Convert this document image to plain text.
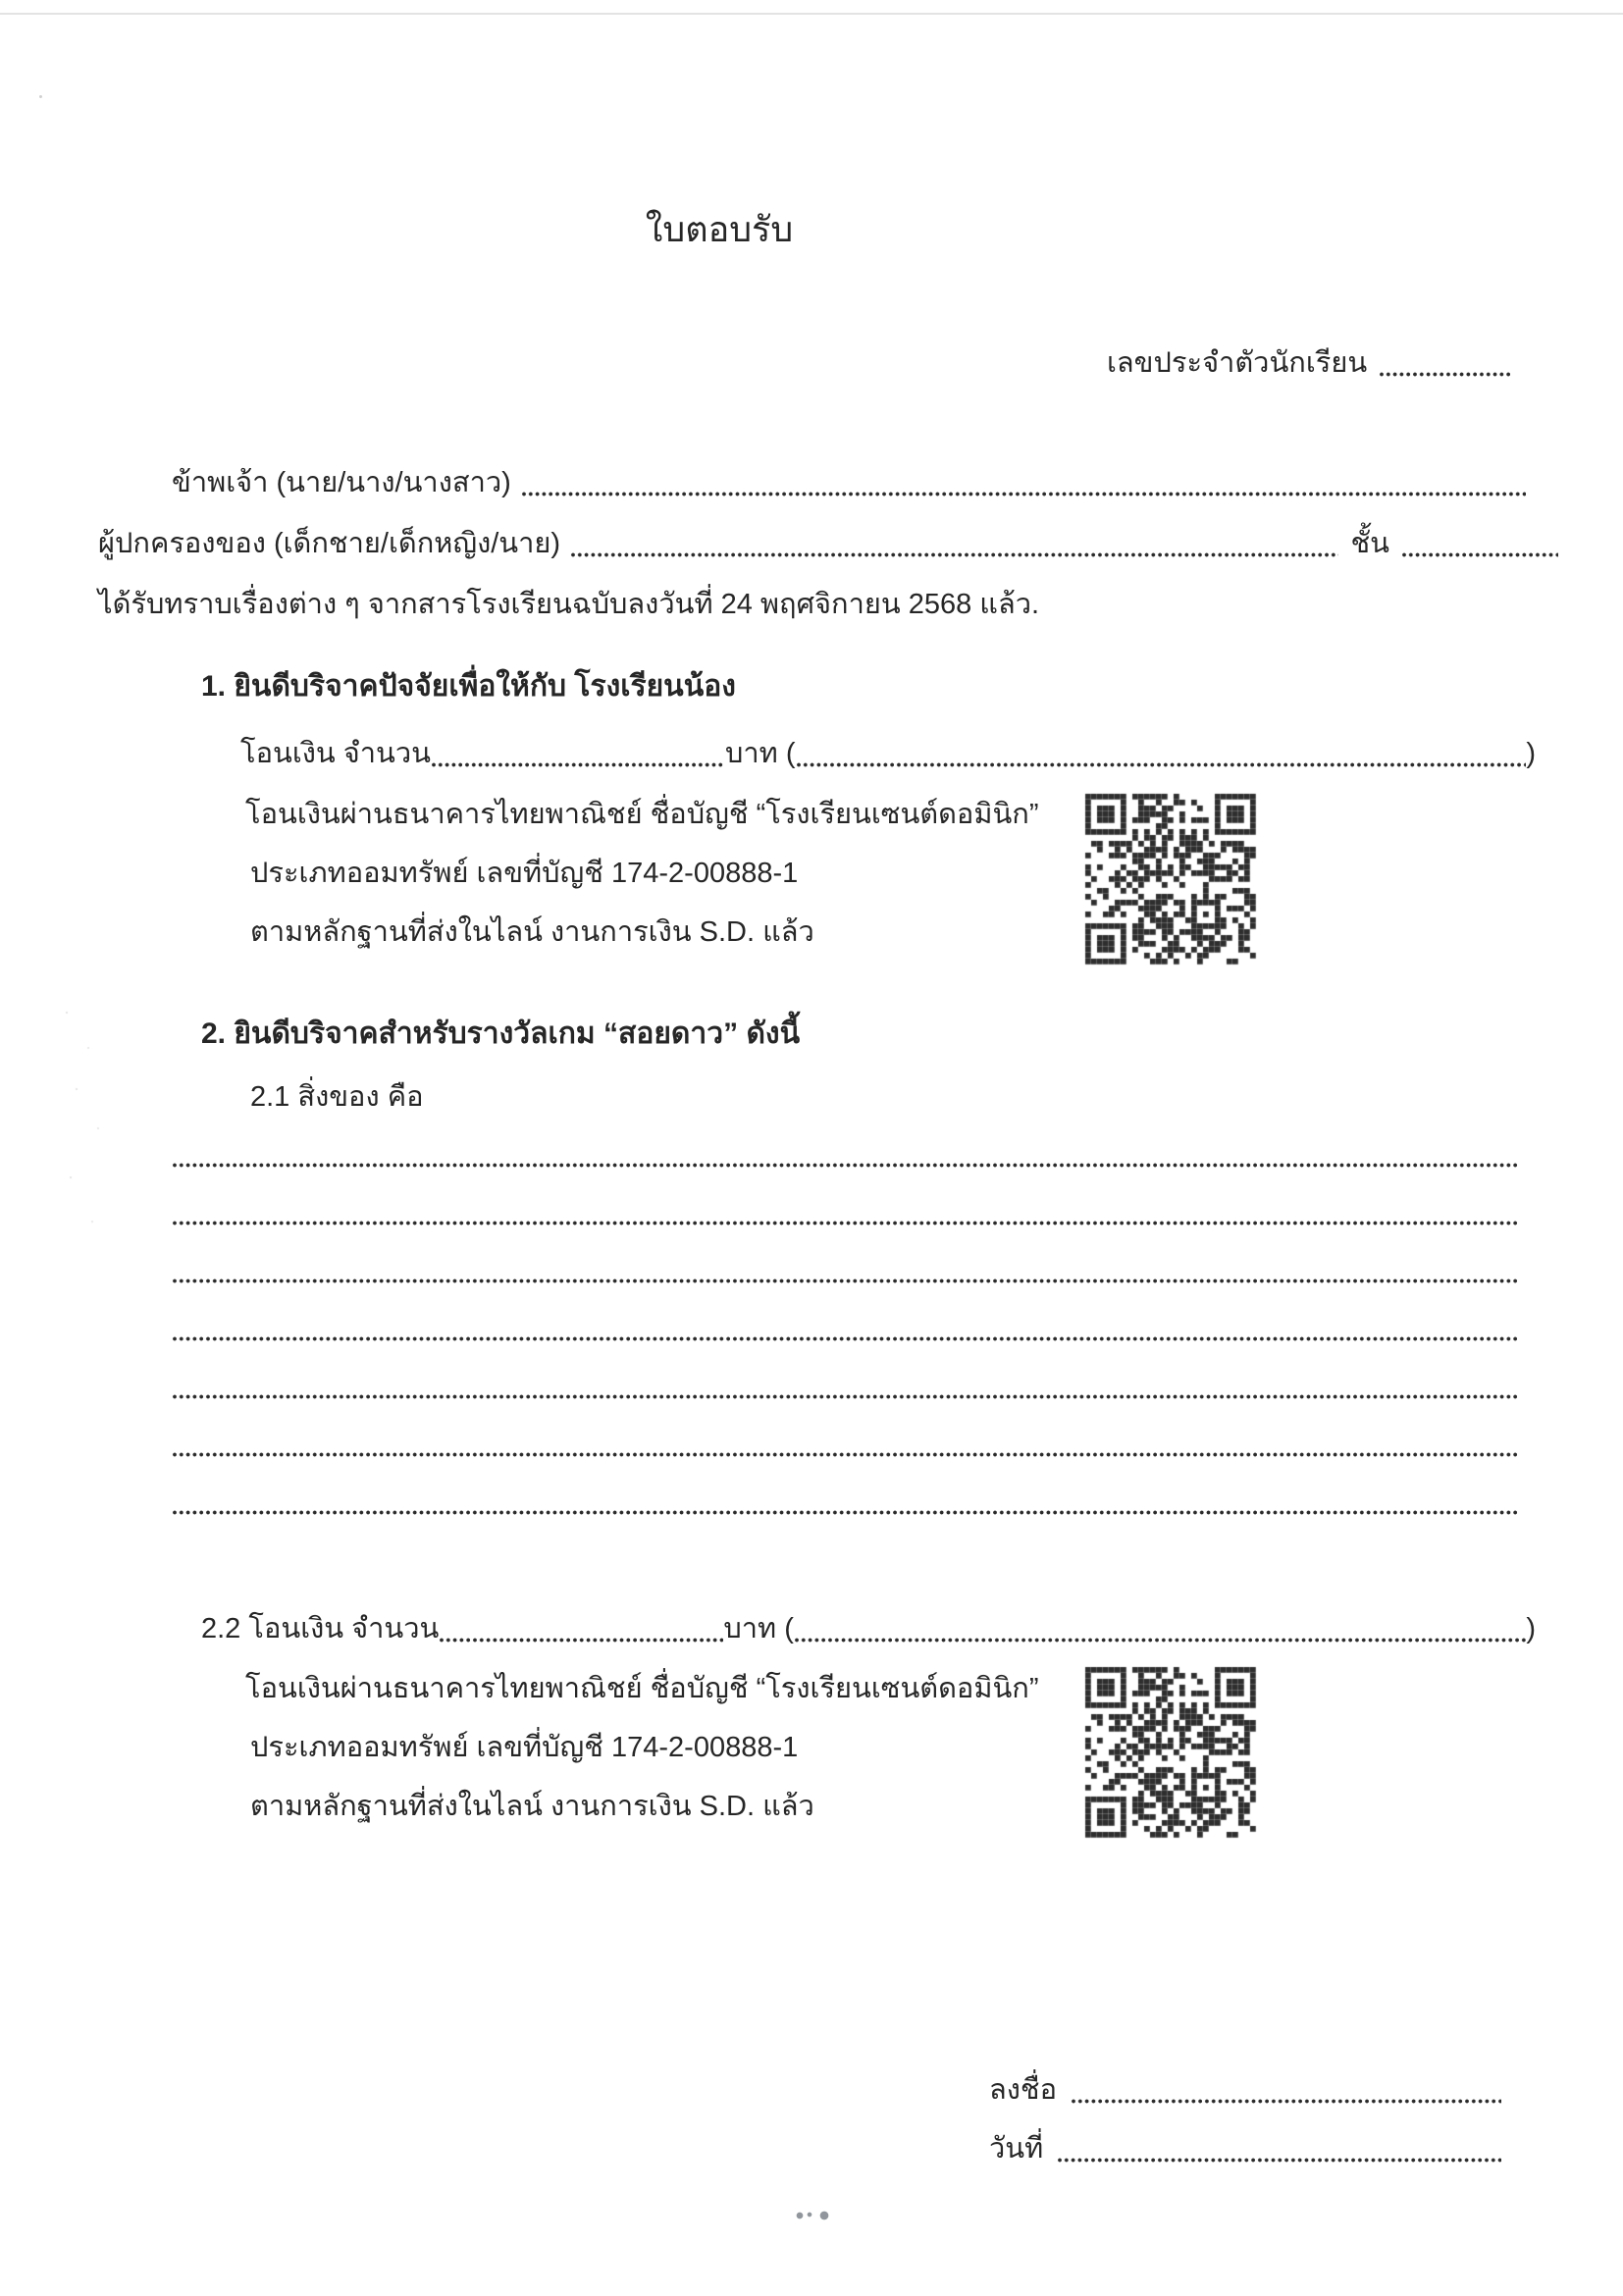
ใบตอบรับ
เลขประจำตัวนักเรียน
ข้าพเจ้า (นาย/นาง/นางสาว)
ผู้ปกครองของ (เด็กชาย/เด็กหญิง/นาย)	ชั้น
ได้รับทราบเรื่องต่าง ๆ จากสารโรงเรียนฉบับลงวันที่ 24 พฤศจิกายน 2568 แล้ว.
1. ยินดีบริจาคปัจจัยเพื่อให้กับ โรงเรียนน้อง
โอนเงิน จำนวน	บาท (	)
โอนเงินผ่านธนาคารไทยพาณิชย์ ชื่อบัญชี “โรงเรียนเซนต์ดอมินิก”
ประเภทออมทรัพย์ เลขที่บัญชี 174-2-00888-1
ตามหลักฐานที่ส่งในไลน์ งานการเงิน S.D. แล้ว
2. ยินดีบริจาคสำหรับรางวัลเกม “สอยดาว” ดังนี้
2.1 สิ่งของ คือ
2.2 โอนเงิน จำนวน	บาท (	)
โอนเงินผ่านธนาคารไทยพาณิชย์ ชื่อบัญชี “โรงเรียนเซนต์ดอมินิก”
ประเภทออมทรัพย์ เลขที่บัญชี 174-2-00888-1
ตามหลักฐานที่ส่งในไลน์ งานการเงิน S.D. แล้ว
ลงชื่อ
วันที่
